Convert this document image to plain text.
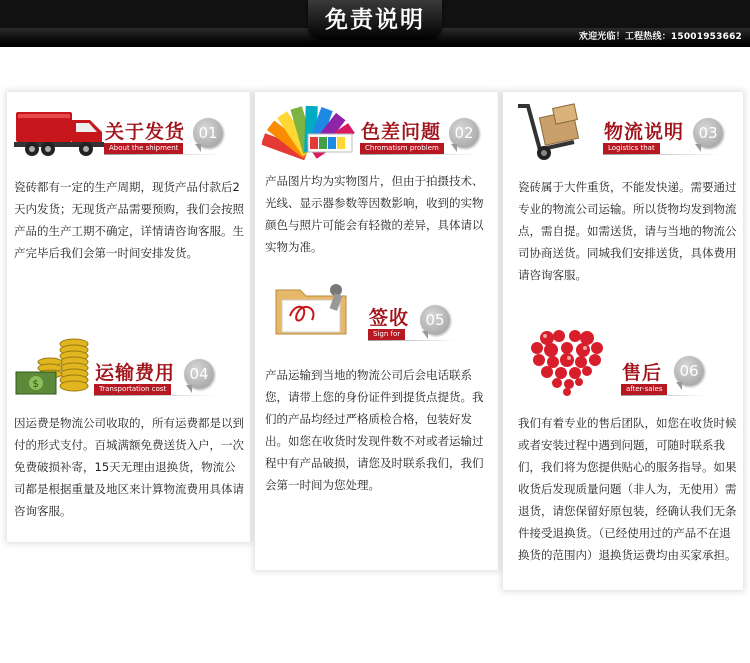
免责说明
欢迎光临！工程热线：15001953662
关于发货
About the shipment
01
瓷砖都有一定的生产周期，现货产品付款后2天内发货；无现货产品需要预购，我们会按照产品的生产工期不确定，详情请咨询客服。生产完毕后我们会第一时间安排发货。
色差问题
Chromatism problem
02
产品图片均为实物图片，但由于拍摄技术、光线、显示器参数等因数影响，收到的实物颜色与照片可能会有轻微的差异，具体请以实物为准。
物流说明
Logistics that
03
瓷砖属于大件重货，不能发快递。需要通过专业的物流公司运输。所以货物均发到物流点，需自提。如需送货，请与当地的物流公司协商送货。同城我们安排送货，具体费用请咨询客服。
$
运输费用
Transportation cost
04
因运费是物流公司收取的，所有运费都是以到付的形式支付。百城满额免费送货入户，一次免费破损补寄，15天无理由退换货，物流公司都是根据重量及地区来计算物流费用具体请咨询客服。
签收
Sign for
05
产品运输到当地的物流公司后会电话联系您，请带上您的身份证件到提货点提货。我们的产品均经过严格质检合格，包装好发出。如您在收货时发现件数不对或者运输过程中有产品破损，请您及时联系我们，我们会第一时间为您处理。
售后
after-sales
06
我们有着专业的售后团队，如您在收货时候或者安装过程中遇到问题，可随时联系我们，我们将为您提供贴心的服务指导。如果收货后发现质量问题（非人为，无使用）需退货，请您保留好原包装，经确认我们无条件接受退换货。（已经使用过的产品不在退换货的范围内）退换货运费均由买家承担。
